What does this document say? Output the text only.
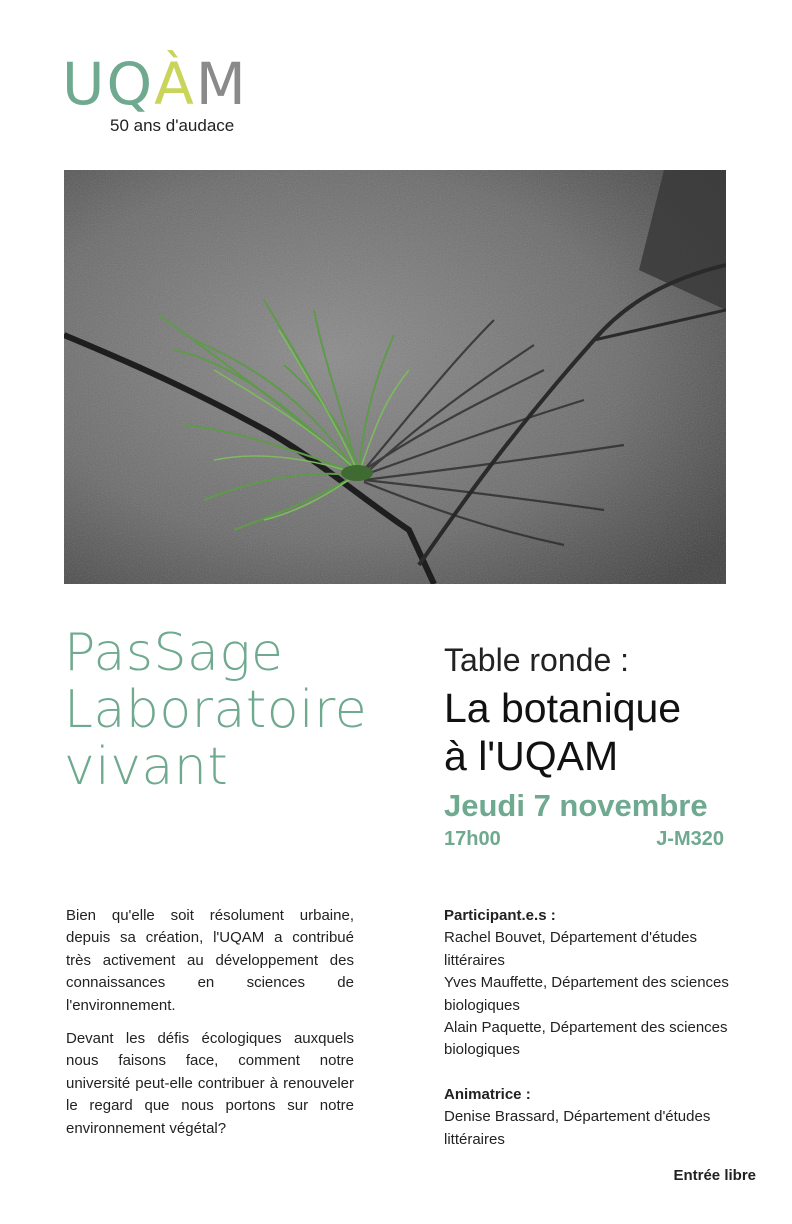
UQÀM
50 ans d'audace
PasSage
Laboratoire
vivant
Table ronde :
La botanique
à l'UQAM
Jeudi 7 novembre
17h00	J-M320

Bien qu'elle soit résolument urbaine, depuis sa création, l'UQAM a contribué très activement au développement des connaissances en sciences de l'environnement.

Devant les défis écologiques auxquels nous faisons face, comment notre université peut-elle contribuer à renouveler le regard que nous portons sur notre environnement végétal?

Participant.e.s :
Rachel Bouvet, Département d'études littéraires
Yves Mauffette, Département des sciences biologiques
Alain Paquette, Département des sciences biologiques
Animatrice :
Denise Brassard, Département d'études littéraires
Entrée libre
